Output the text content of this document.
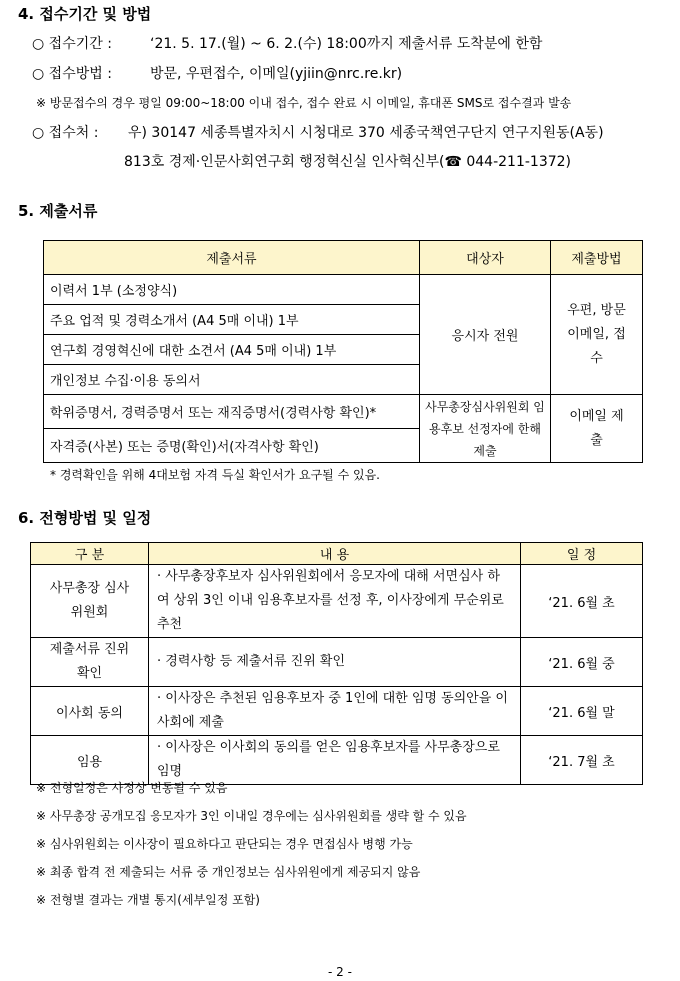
4. 접수기간 및 방법
○ 접수기간 :	‘21. 5. 17.(월) ~ 6. 2.(수) 18:00까지 제출서류 도착분에 한함
○ 접수방법 :	방문, 우편접수, 이메일(yjiin@nrc.re.kr)
※ 방문접수의 경우 평일 09:00~18:00 이내 접수, 접수 완료 시 이메일, 휴대폰 SMS로 접수결과 발송
○ 접수처 : 우) 30147 세종특별자치시 시청대로 370 세종국책연구단지 연구지원동(A동)
813호 경제·인문사회연구회 행정혁신실 인사혁신부(☎ 044-211-1372)
5. 제출서류
제출서류	대상자	제출방법
이력서 1부 (소정양식)	응시자 전원	우편, 방문 이메일, 접수
주요 업적 및 경력소개서 (A4 5매 이내) 1부		
연구회 경영혁신에 대한 소견서 (A4 5매 이내) 1부		
개인정보 수집·이용 동의서		
학위증명서, 경력증명서 또는 재직증명서(경력사항 확인)*	사무총장심사위원회 임용후보 선정자에 한해 제출	이메일 제출
자격증(사본) 또는 증명(확인)서(자격사항 확인)		
* 경력확인을 위해 4대보험 자격 득실 확인서가 요구될 수 있음.
6. 전형방법 및 일정
구 분	내 용	일 정
사무총장 심사위원회	· 사무총장후보자 심사위원회에서 응모자에 대해 서면심사 하여 상위 3인 이내 임용후보자를 선정 후, 이사장에게 무순위로 추천	‘21. 6월 초
제출서류 진위확인	· 경력사항 등 제출서류 진위 확인	‘21. 6월 중
이사회 동의	· 이사장은 추천된 임용후보자 중 1인에 대한 임명 동의안을 이사회에 제출	‘21. 6월 말
임용	· 이사장은 이사회의 동의를 얻은 임용후보자를 사무총장으로 임명	‘21. 7월 초
※ 전형일정은 사정상 변동될 수 있음
※ 사무총장 공개모집 응모자가 3인 이내일 경우에는 심사위원회를 생략 할 수 있음
※ 심사위원회는 이사장이 필요하다고 판단되는 경우 면접심사 병행 가능
※ 최종 합격 전 제출되는 서류 중 개인정보는 심사위원에게 제공되지 않음
※ 전형별 결과는 개별 통지(세부일정 포함)
- 2 -
